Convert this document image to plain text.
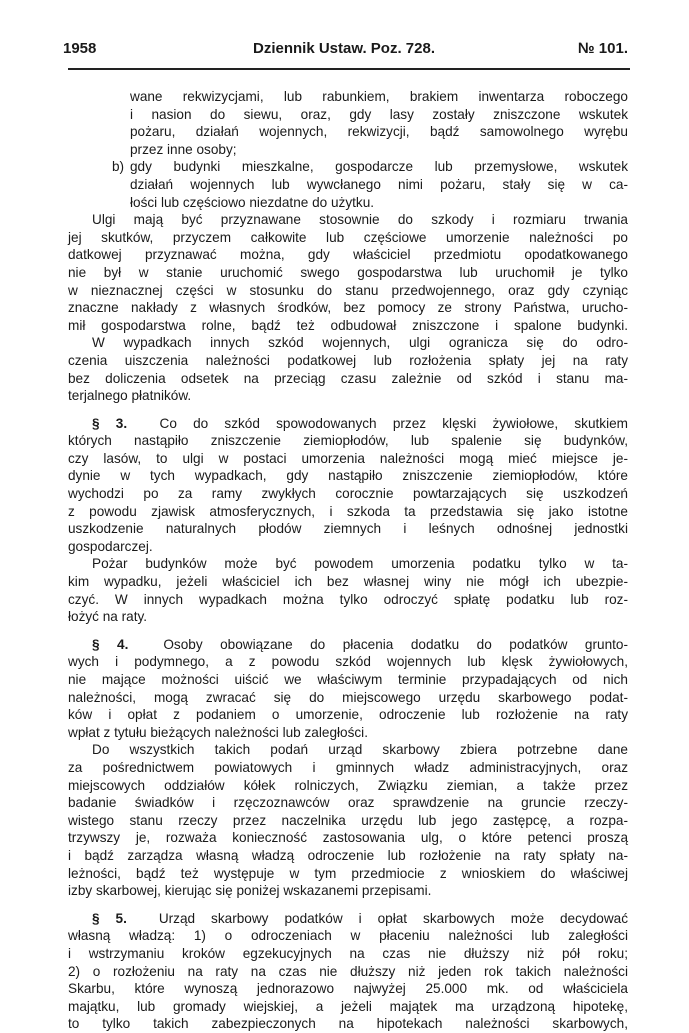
1958	Dziennik Ustaw. Poz. 728.	№ 101.
wane rekwizycjami, lub rabunkiem, brakiem inwentarza roboczego
i nasion do siewu, oraz, gdy lasy zostały zniszczone wskutek
pożaru, działań wojennych, rekwizycji, bądź samowolnego wyrębu
przez inne osoby;
b) gdy budynki mieszkalne, gospodarcze lub przemysłowe, wskutek
działań wojennych lub wywcłanego nimi pożaru, stały się w ca-
łości lub częściowo niezdatne do użytku.
Ulgi mają być przyznawane stosownie do szkody i rozmiaru trwania
jej skutków, przyczem całkowite lub częściowe umorzenie należności po
datkowej przyznawać można, gdy właściciel przedmiotu opodatkowanego
nie był w stanie uruchomić swego gospodarstwa lub uruchomił je tylko
w nieznacznej części w stosunku do stanu przedwojennego, oraz gdy czyniąc
znaczne nakłady z własnych środków, bez pomocy ze strony Państwa, urucho-
mił gospodarstwa rolne, bądź też odbudował zniszczone i spalone budynki.
W wypadkach innych szkód wojennych, ulgi ogranicza się do odro-
czenia uiszczenia należności podatkowej lub rozłożenia spłaty jej na raty
bez doliczenia odsetek na przeciąg czasu zależnie od szkód i stanu ma-
terjalnego płatników.
§ 3. Co do szkód spowodowanych przez klęski żywiołowe, skutkiem
których nastąpiło zniszczenie ziemiopłodów, lub spalenie się budynków,
czy lasów, to ulgi w postaci umorzenia należności mogą mieć miejsce je-
dynie w tych wypadkach, gdy nastąpiło zniszczenie ziemiopłodów, które
wychodzi po za ramy zwykłych corocznie powtarzających się uszkodzeń
z powodu zjawisk atmosferycznych, i szkoda ta przedstawia się jako istotne
uszkodzenie naturalnych płodów ziemnych i leśnych odnośnej jednostki
gospodarczej.
Pożar budynków może być powodem umorzenia podatku tylko w ta-
kim wypadku, jeżeli właściciel ich bez własnej winy nie mógł ich ubezpie-
czyć. W innych wypadkach można tylko odroczyć spłatę podatku lub roz-
łożyć na raty.
§ 4.	Osoby obowiązane do płacenia dodatku do podatków grunto-
wych i podymnego, a z powodu szkód wojennych lub klęsk żywiołowych,
nie mające możności uiścić we właściwym terminie przypadających od nich
należności, mogą zwracać się do miejscowego urzędu skarbowego podat-
ków i opłat z podaniem o umorzenie, odroczenie lub rozłożenie na raty
wpłat z tytułu bieżących należności lub zaległości.
Do wszystkich takich podań urząd skarbowy zbiera potrzebne dane
za pośrednictwem powiatowych i gminnych władz administracyjnych, oraz
miejscowych oddziałów kółek rolniczych, Związku ziemian, a także przez
badanie świadków i rzęczoznawców oraz sprawdzenie na gruncie rzeczy-
wistego stanu rzeczy przez naczelnika urzędu lub jego zastępcę, a rozpa-
trzywszy je, rozważa konieczność zastosowania ulg, o które petenci proszą
i bądź zarządza własną władzą odroczenie lub rozłożenie na raty spłaty na-
leżności, bądź też występuje w tym przedmiocie z wnioskiem do właściwej
izby skarbowej, kierując się poniżej wskazanemi przepisami.
§ 5. Urząd skarbowy podatków i opłat skarbowych może decydować
własną władzą: 1) o odroczeniach w płaceniu należności lub zaległości
i wstrzymaniu kroków egzekucyjnych na czas nie dłuższy niż pół roku;
2) o rozłożeniu na raty na czas nie dłuższy niż jeden rok takich należności
Skarbu, które wynoszą jednorazowo najwyżej 25.000 mk. od właściciela
majątku, lub gromady wiejskiej, a jeżeli majątek ma urządzoną hipotekę,
to tylko takich zabezpieczonych na hipotekach należności skarbowych,
